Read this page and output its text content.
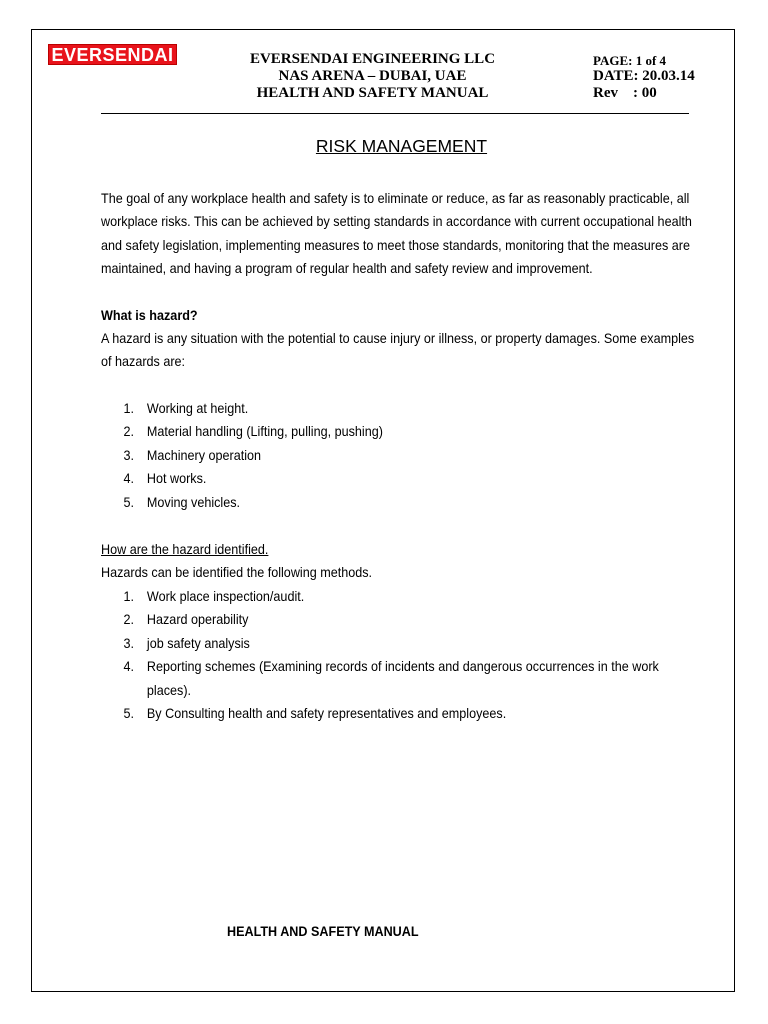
EVERSENDAI	EVERSENDAI ENGINEERING LLC
NAS ARENA – DUBAI, UAE
HEALTH AND SAFETY MANUAL
PAGE: 1 of 4
DATE: 20.03.14
Rev    : 00
RISK MANAGEMENT

The goal of any workplace health and safety is to eliminate or reduce, as far as reasonably practicable, all workplace risks. This can be achieved by setting standards in accordance with current occupational health and safety legislation, implementing measures to meet those standards, monitoring that the measures are maintained, and having a program of regular health and safety review and improvement.

What is hazard?

A hazard is any situation with the potential to cause injury or illness, or property damages. Some examples of hazards are:

1. Working at height.
2. Material handling (Lifting, pulling, pushing)
3. Machinery operation
4. Hot works.
5. Moving vehicles.
How are the hazard identified.
Hazards can be identified the following methods.
1. Work place inspection/audit.
2. Hazard operability
3. job safety analysis
4. Reporting schemes (Examining records of incidents and dangerous occurrences in the work places).
5. By Consulting health and safety representatives and employees.
HEALTH AND SAFETY MANUAL
